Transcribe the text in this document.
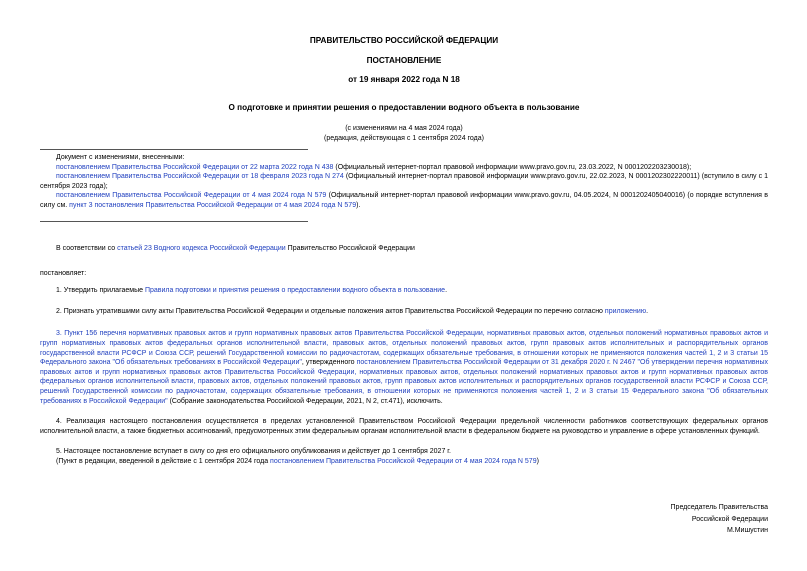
ПРАВИТЕЛЬСТВО РОССИЙСКОЙ ФЕДЕРАЦИИ

ПОСТАНОВЛЕНИЕ

от 19 января 2022 года N 18

О подготовке и принятии решения о предоставлении водного объекта в пользование

(с изменениями на 4 мая 2024 года)

(редакция, действующая с 1 сентября 2024 года)

Документ с изменениями, внесенными:

постановлением Правительства Российской Федерации от 22 марта 2022 года N 438 (Официальный интернет-портал правовой информации www.pravo.gov.ru, 23.03.2022, N 0001202203230018);

постановлением Правительства Российской Федерации от 18 февраля 2023 года N 274 (Официальный интернет-портал правовой информации www.pravo.gov.ru, 22.02.2023, N 0001202302220011) (вступило в силу с 1 сентября 2023 года);

постановлением Правительства Российской Федерации от 4 мая 2024 года N 579 (Официальный интернет-портал правовой информации www.pravo.gov.ru, 04.05.2024, N 0001202405040016) (о порядке вступления в силу см. пункт 3 постановления Правительства Российской Федерации от 4 мая 2024 года N 579).

В соответствии со статьей 23 Водного кодекса Российской Федерации Правительство Российской Федерации

постановляет:

1. Утвердить прилагаемые Правила подготовки и принятия решения о предоставлении водного объекта в пользование.

2. Признать утратившими силу акты Правительства Российской Федерации и отдельные положения актов Правительства Российской Федерации по перечню согласно приложению.

3. Пункт 156 перечня нормативных правовых актов и групп нормативных правовых актов Правительства Российской Федерации, нормативных правовых актов, отдельных положений нормативных правовых актов и групп нормативных правовых актов федеральных органов исполнительной власти, правовых актов, отдельных положений правовых актов, групп правовых актов исполнительных и распорядительных органов государственной власти РСФСР и Союза ССР, решений Государственной комиссии по радиочастотам, содержащих обязательные требования, в отношении которых не применяются положения частей 1, 2 и 3 статьи 15 Федерального закона "Об обязательных требованиях в Российской Федерации", утвержденного постановлением Правительства Российской Федерации от 31 декабря 2020 г. N 2467 "Об утверждении перечня нормативных правовых актов и групп нормативных правовых актов Правительства Российской Федерации, нормативных правовых актов, отдельных положений нормативных правовых актов и групп нормативных правовых актов федеральных органов исполнительной власти, правовых актов, отдельных положений правовых актов, групп правовых актов исполнительных и распорядительных органов государственной власти РСФСР и Союза ССР, решений Государственной комиссии по радиочастотам, содержащих обязательные требования, в отношении которых не применяются положения частей 1, 2 и 3 статьи 15 Федерального закона "Об обязательных требованиях в Российской Федерации" (Собрание законодательства Российской Федерации, 2021, N 2, ст.471), исключить.

4. Реализация настоящего постановления осуществляется в пределах установленной Правительством Российской Федерации предельной численности работников соответствующих федеральных органов исполнительной власти, а также бюджетных ассигнований, предусмотренных этим федеральным органам исполнительной власти в федеральном бюджете на руководство и управление в сфере установленных функций.

5. Настоящее постановление вступает в силу со дня его официального опубликования и действует до 1 сентября 2027 г.

(Пункт в редакции, введенной в действие с 1 сентября 2024 года постановлением Правительства Российской Федерации от 4 мая 2024 года N 579)

Председатель Правительства

Российской Федерации

М.Мишустин
